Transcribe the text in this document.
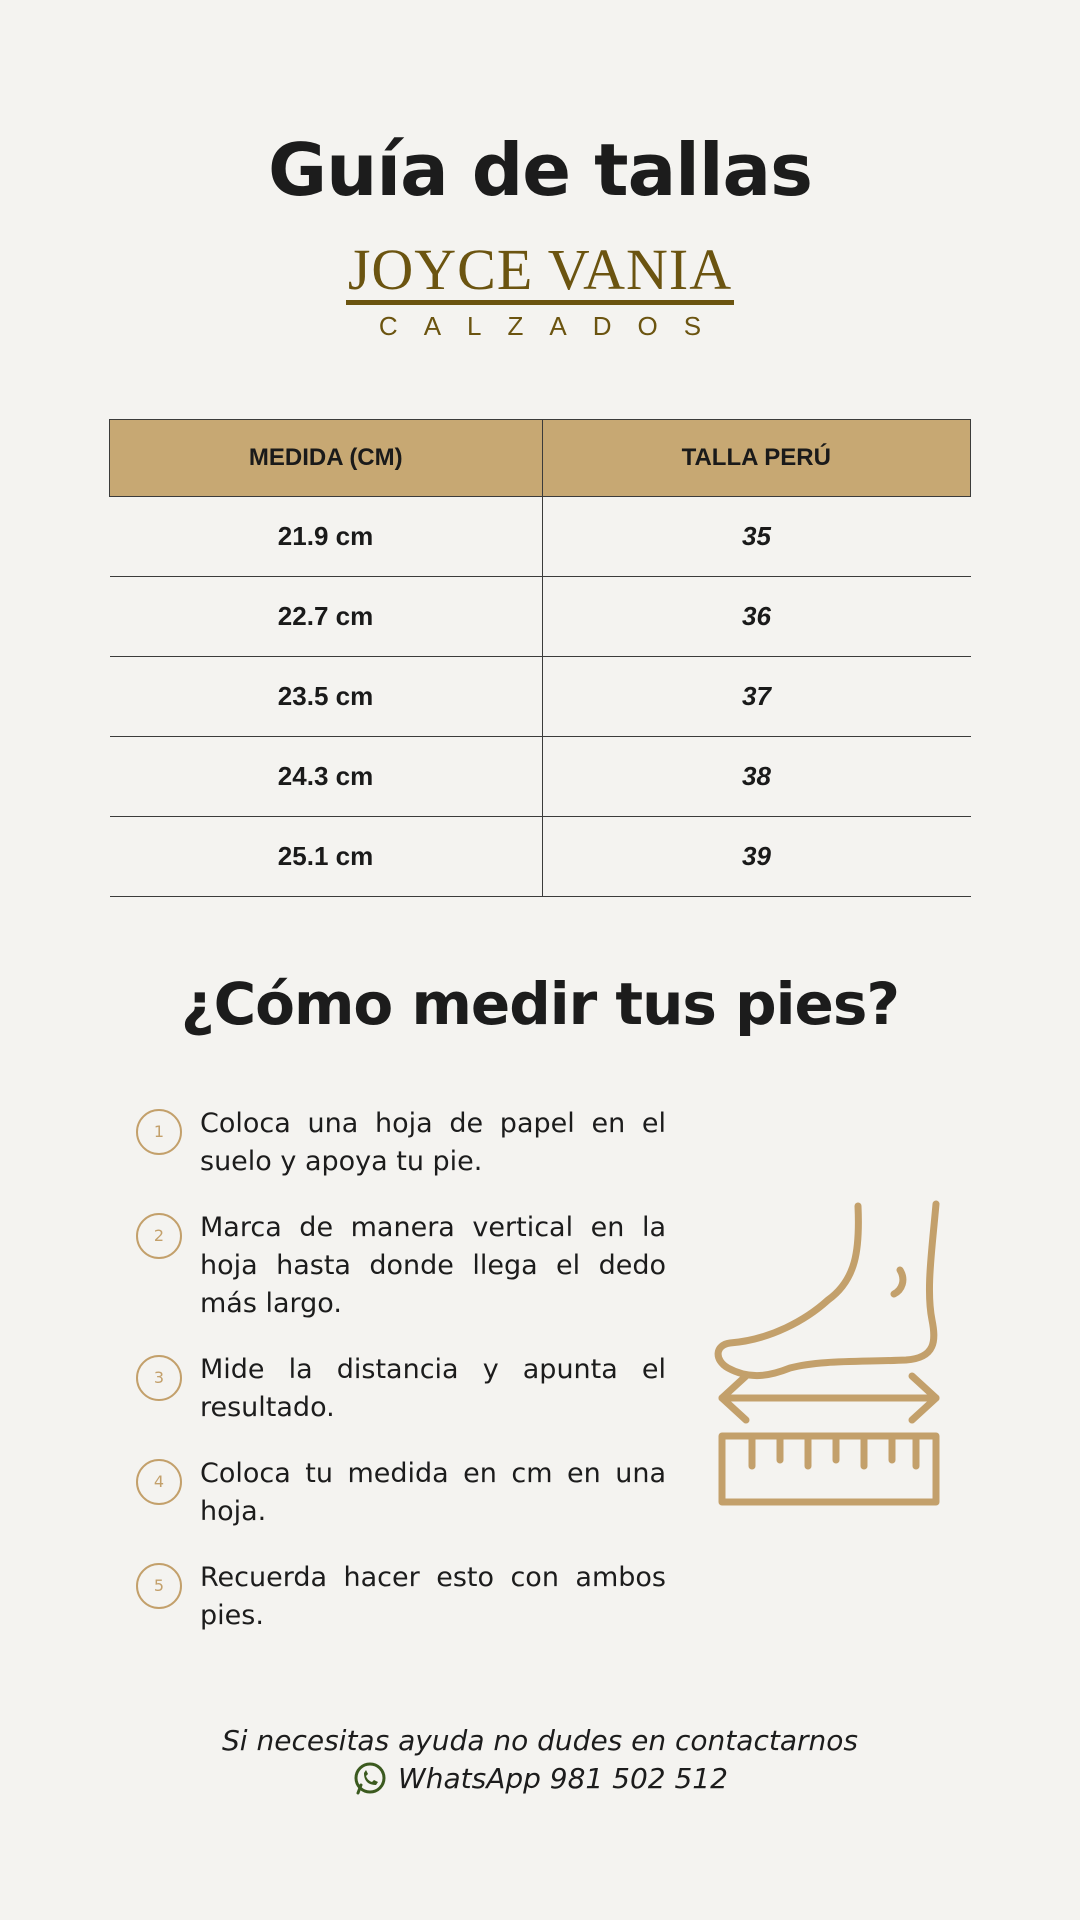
Guía de tallas
JOYCE VANIA
CALZADOS
MEDIDA (CM)	TALLA PERÚ
21.9 cm	35
22.7 cm	36
23.5 cm	37
24.3 cm	38
25.1 cm	39
¿Cómo medir tus pies?
1	Coloca una hoja de papel en el suelo y apoya tu pie.
2	Marca de manera vertical en la hoja hasta donde llega el dedo más largo.
3	Mide la distancia y apunta el resultado.
4	Coloca tu medida en cm en una hoja.
5	Recuerda hacer esto con ambos pies.
Si necesitas ayuda no dudes en contactarnos
WhatsApp 981 502 512
